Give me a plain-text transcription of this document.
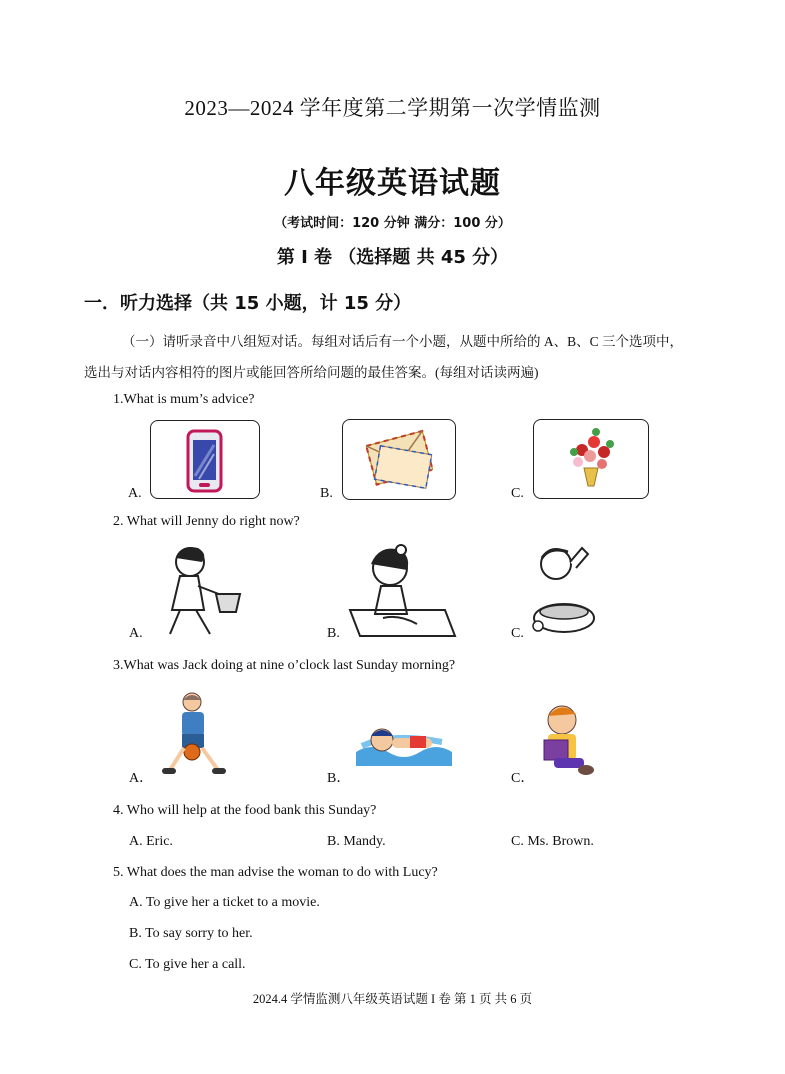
2023—2024 学年度第二学期第一次学情监测
八年级英语试题
（考试时间：120 分钟 满分：100 分）
第 I 卷 （选择题 共 45 分）
一．听力选择（共 15 小题，计 15 分）
（一）请听录音中八组短对话。每组对话后有一个小题，从题中所给的 A、B、C 三个选项中，
选出与对话内容相符的图片或能回答所给问题的最佳答案。(每组对话读两遍)
1.What is mum’s advice?
A.	B.	C.
2. What will Jenny do right now?
A.	B.	C.
3.What was Jack doing at nine o’clock last Sunday morning?
A．	B．	C．
4. Who will help at the food bank this Sunday?
A. Eric.	B. Mandy.	C. Ms. Brown.
5. What does the man advise the woman to do with Lucy?
A. To give her a ticket to a movie.
B. To say sorry to her.
C. To give her a call.
2024.4 学情监测八年级英语试题 I 卷 第 1 页 共 6 页
